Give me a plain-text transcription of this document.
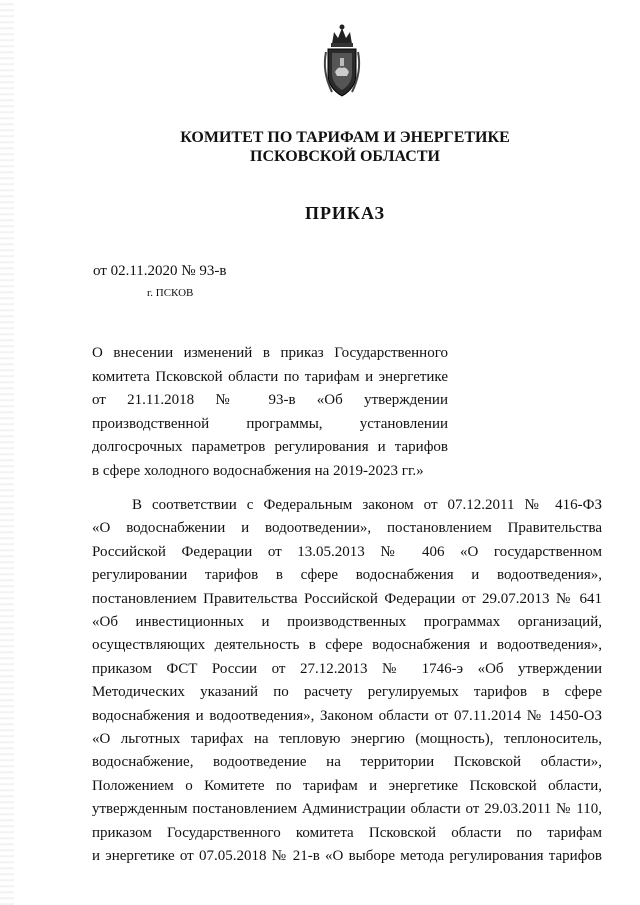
КОМИТЕТ ПО ТАРИФАМ И ЭНЕРГЕТИКЕ
ПСКОВСКОЙ ОБЛАСТИ
ПРИКАЗ
от 02.11.2020 № 93-в
г. ПСКОВ
О внесении изменений в приказ Государственного
комитета Псковской области по тарифам и энергетике
от 21.11.2018 № 93-в «Об утверждении
производственной программы, установлении
долгосрочных параметров регулирования и тарифов
в сфере холодного водоснабжения на 2019-2023 гг.»
В соответствии с Федеральным законом от 07.12.2011 № 416-ФЗ
«О водоснабжении и водоотведении», постановлением Правительства
Российской Федерации от 13.05.2013 № 406 «О государственном
регулировании тарифов в сфере водоснабжения и водоотведения»,
постановлением Правительства Российской Федерации от 29.07.2013 № 641
«Об инвестиционных и производственных программах организаций,
осуществляющих деятельность в сфере водоснабжения и водоотведения»,
приказом ФСТ России от 27.12.2013 № 1746-э «Об утверждении
Методических указаний по расчету регулируемых тарифов в сфере
водоснабжения и водоотведения», Законом области от 07.11.2014 № 1450-ОЗ
«О льготных тарифах на тепловую энергию (мощность), теплоноситель,
водоснабжение, водоотведение на территории Псковской области»,
Положением о Комитете по тарифам и энергетике Псковской области,
утвержденным постановлением Администрации области от 29.03.2011 № 110,
приказом Государственного комитета Псковской области по тарифам
и энергетике от 07.05.2018 № 21-в «О выборе метода регулирования тарифов
